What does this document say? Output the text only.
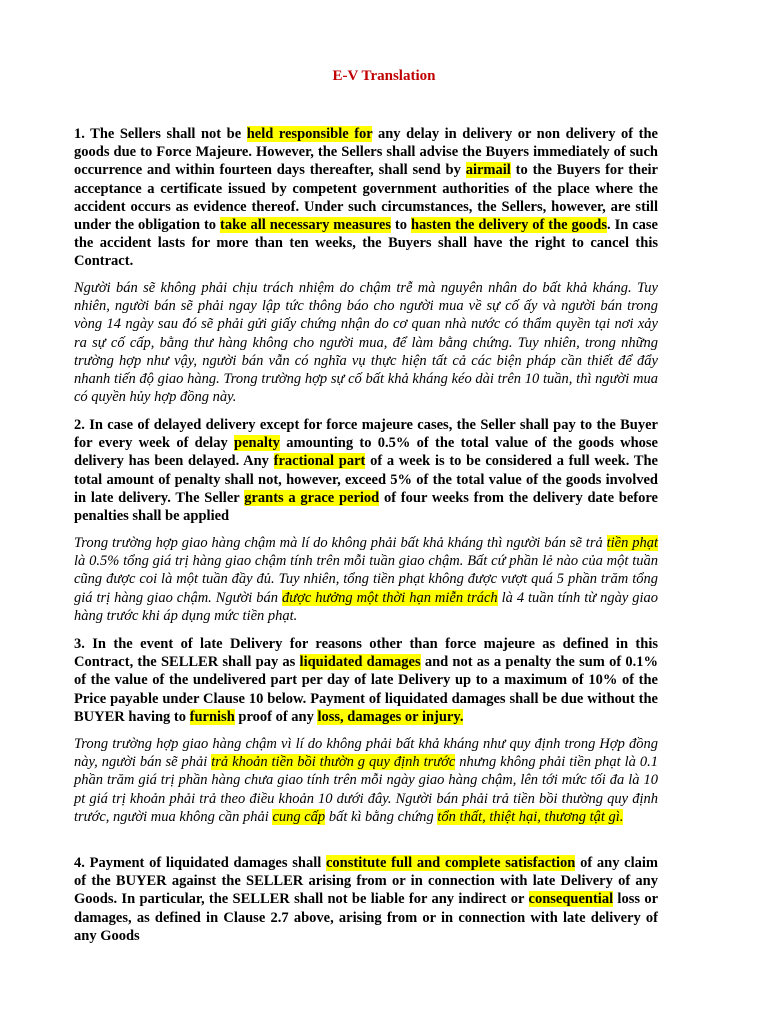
E-V Translation

1. The Sellers shall not be held responsible for any delay in delivery or non delivery of the goods due to Force Majeure. However, the Sellers shall advise the Buyers immediately of such occurrence and within fourteen days thereafter, shall send by airmail to the Buyers for their acceptance a certificate issued by competent government authorities of the place where the accident occurs as evidence thereof. Under such circumstances, the Sellers, however, are still under the obligation to take all necessary measures to hasten the delivery of the goods. In case the accident lasts for more than ten weeks, the Buyers shall have the right to cancel this Contract.

Người bán sẽ không phải chịu trách nhiệm do chậm trễ mà nguyên nhân do bất khả kháng. Tuy nhiên, người bán sẽ phải ngay lập tức thông báo cho người mua về sự cố ấy và người bán trong vòng 14 ngày sau đó sẽ phải gửi giấy chứng nhận do cơ quan nhà nước có thẩm quyền tại nơi xảy ra sự cố cấp, bằng thư hàng không cho người mua, để làm bằng chứng. Tuy nhiên, trong những trường hợp như vậy, người bán vẫn có nghĩa vụ thực hiện tất cả các biện pháp cần thiết để đẩy nhanh tiến độ giao hàng. Trong trường hợp sự cố bất khả kháng kéo dài trên 10 tuần, thì người mua có quyền hủy hợp đồng này.

2. In case of delayed delivery except for force majeure cases, the Seller shall pay to the Buyer for every week of delay penalty amounting to 0.5% of the total value of the goods whose delivery has been delayed. Any fractional part of a week is to be considered a full week. The total amount of penalty shall not, however, exceed 5% of the total value of the goods involved in late delivery. The Seller grants a grace period of four weeks from the delivery date before penalties shall be applied

Trong trường hợp giao hàng chậm mà lí do không phải bất khả kháng thì người bán sẽ trả tiền phạt là 0.5% tổng giá trị hàng giao chậm tính trên mỗi tuần giao chậm. Bất cứ phần lẻ nào của một tuần cũng được coi là một tuần đầy đủ. Tuy nhiên, tổng tiền phạt không được vượt quá 5 phần trăm tổng giá trị hàng giao chậm. Người bán được hưởng một thời hạn miễn trách là 4 tuần tính từ ngày giao hàng trước khi áp dụng mức tiền phạt.

3. In the event of late Delivery for reasons other than force majeure as defined in this Contract, the SELLER shall pay as liquidated damages and not as a penalty the sum of 0.1% of the value of the undelivered part per day of late Delivery up to a maximum of 10% of the Price payable under Clause 10 below. Payment of liquidated damages shall be due without the BUYER having to furnish proof of any loss, damages or injury.

Trong trường hợp giao hàng chậm vì lí do không phải bất khả kháng như quy định trong Hợp đồng này, người bán sẽ phải trả khoản tiền bồi thườn g quy định trước nhưng không phải tiền phạt là 0.1 phần trăm giá trị phần hàng chưa giao tính trên mỗi ngày giao hàng chậm, lên tới mức tối đa là 10 pt giá trị khoản phải trả theo điều khoản 10 dưới đây. Người bán phải trả tiền bồi thường quy định trước, người mua không cần phải cung cấp bất kì bằng chứng tổn thất, thiệt hại, thương tật gì.

4. Payment of liquidated damages shall constitute full and complete satisfaction of any claim of the BUYER against the SELLER arising from or in connection with late Delivery of any Goods. In particular, the SELLER shall not be liable for any indirect or consequential loss or damages, as defined in Clause 2.7 above, arising from or in connection with late delivery of any Goods
